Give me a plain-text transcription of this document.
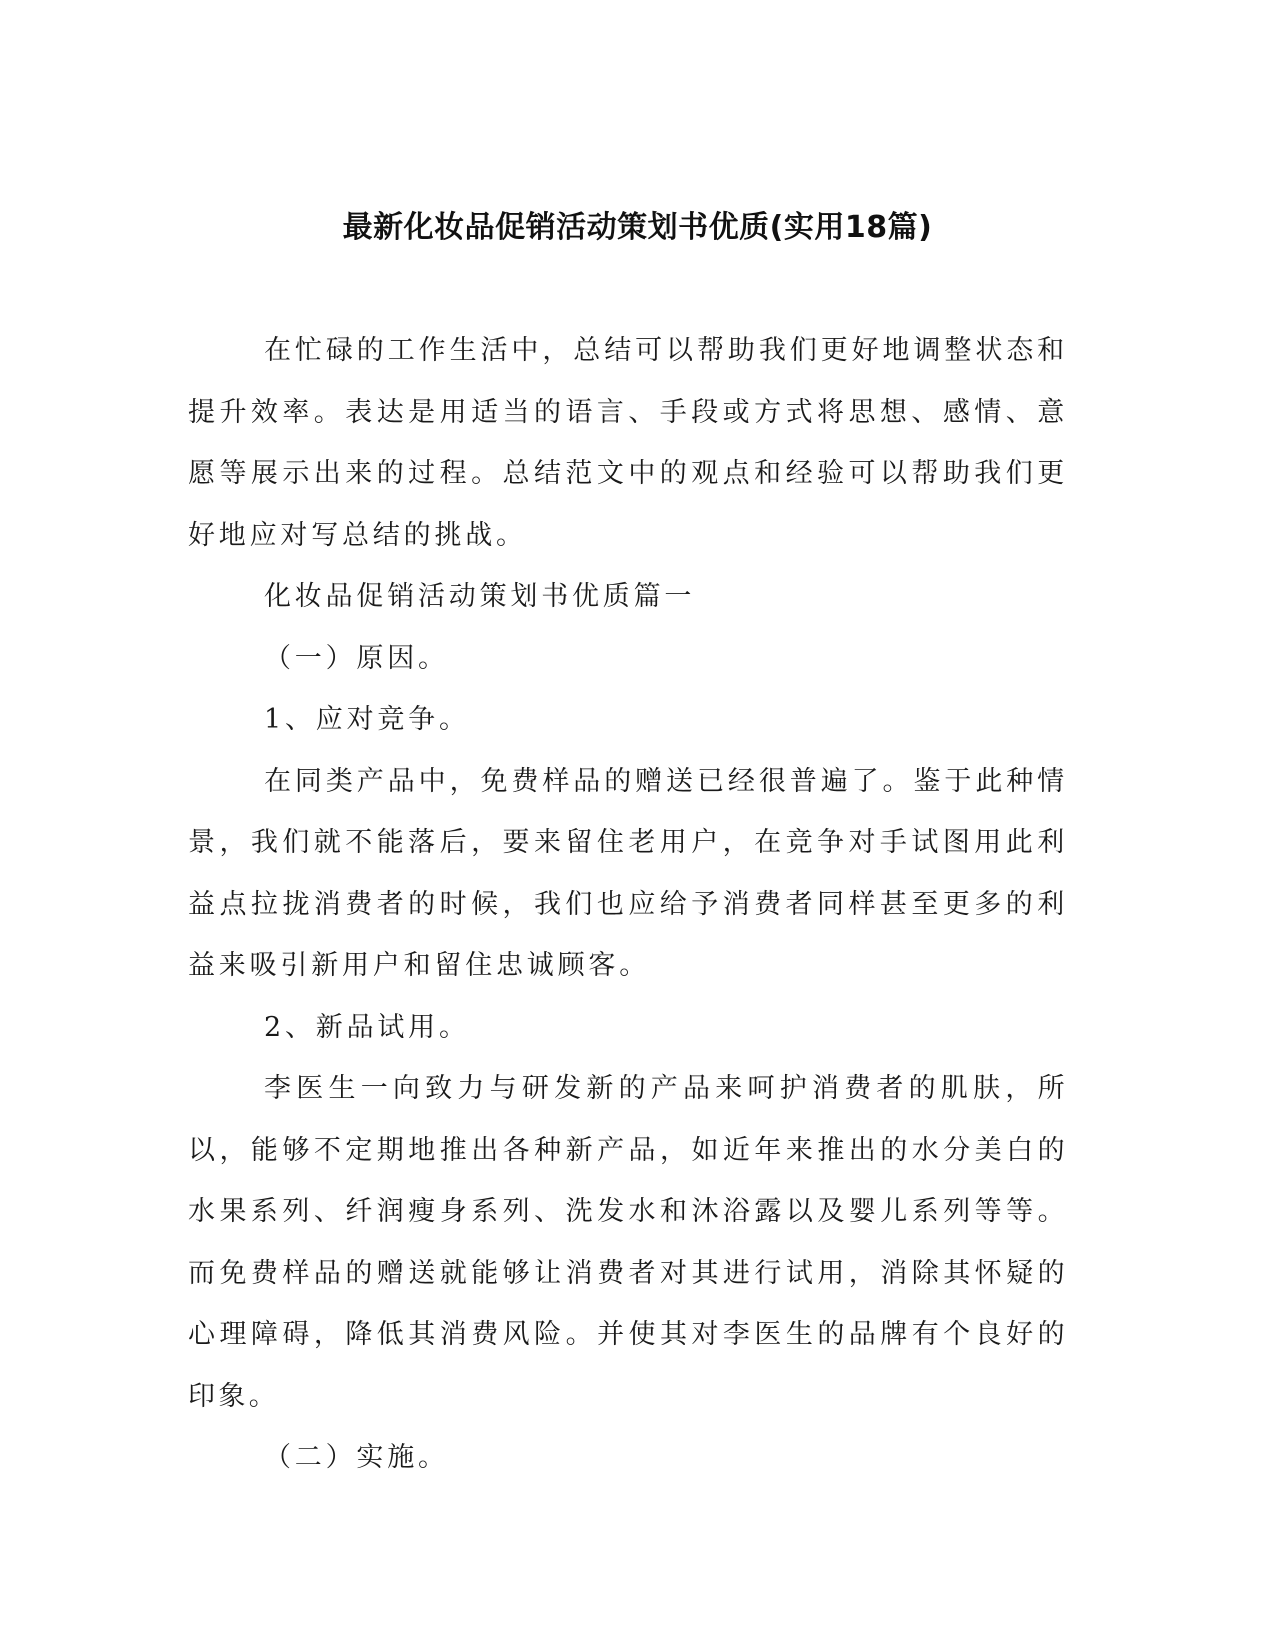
最新化妆品促销活动策划书优质(实用18篇)

在忙碌的工作生活中，总结可以帮助我们更好地调整状态和提升效率。表达是用适当的语言、手段或方式将思想、感情、意愿等展示出来的过程。总结范文中的观点和经验可以帮助我们更好地应对写总结的挑战。

化妆品促销活动策划书优质篇一

（一）原因。

1、应对竞争。

在同类产品中，免费样品的赠送已经很普遍了。鉴于此种情景，我们就不能落后，要来留住老用户，在竞争对手试图用此利益点拉拢消费者的时候，我们也应给予消费者同样甚至更多的利益来吸引新用户和留住忠诚顾客。

2、新品试用。

李医生一向致力与研发新的产品来呵护消费者的肌肤，所以，能够不定期地推出各种新产品，如近年来推出的水分美白的水果系列、纤润瘦身系列、洗发水和沐浴露以及婴儿系列等等。而免费样品的赠送就能够让消费者对其进行试用，消除其怀疑的心理障碍，降低其消费风险。并使其对李医生的品牌有个良好的印象。

（二）实施。
